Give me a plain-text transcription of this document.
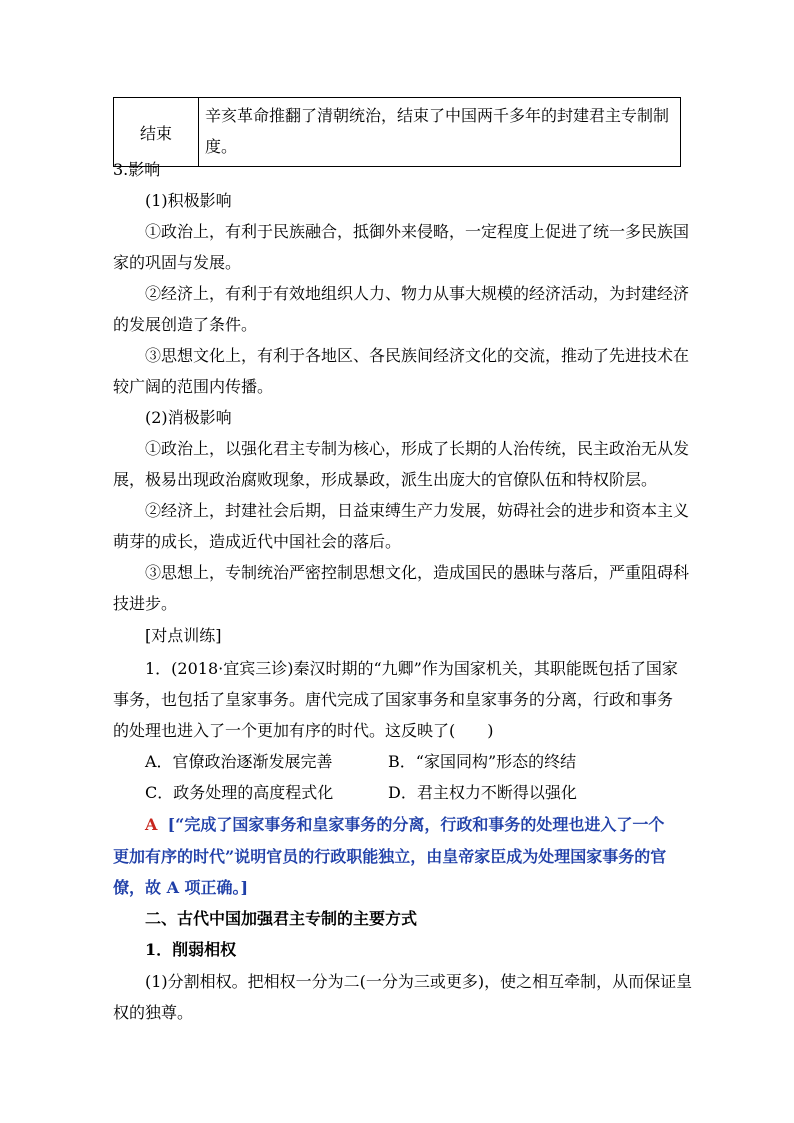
结束	辛亥革命推翻了清朝统治，结束了中国两千多年的封建君主专制制度。
3.影响
(1)积极影响
①政治上，有利于民族融合，抵御外来侵略，一定程度上促进了统一多民族国
家的巩固与发展。
②经济上，有利于有效地组织人力、物力从事大规模的经济活动，为封建经济
的发展创造了条件。
③思想文化上，有利于各地区、各民族间经济文化的交流，推动了先进技术在
较广阔的范围内传播。
(2)消极影响
①政治上，以强化君主专制为核心，形成了长期的人治传统，民主政治无从发
展，极易出现政治腐败现象，形成暴政，派生出庞大的官僚队伍和特权阶层。
②经济上，封建社会后期，日益束缚生产力发展，妨碍社会的进步和资本主义
萌芽的成长，造成近代中国社会的落后。
③思想上，专制统治严密控制思想文化，造成国民的愚昧与落后，严重阻碍科
技进步。
[对点训练]
1．(2018·宜宾三诊)秦汉时期的“九卿”作为国家机关，其职能既包括了国家
事务，也包括了皇家事务。唐代完成了国家事务和皇家事务的分离，行政和事务
的处理也进入了一个更加有序的时代。这反映了(　　)
A．官僚政治逐渐发展完善	B．“家国同构”形态的终结
C．政务处理的高度程式化	D．君主权力不断得以强化
A [“完成了国家事务和皇家事务的分离，行政和事务的处理也进入了一个
更加有序的时代”说明官员的行政职能独立，由皇帝家臣成为处理国家事务的官
僚，故 A 项正确。]
二、古代中国加强君主专制的主要方式
1．削弱相权
(1)分割相权。把相权一分为二(一分为三或更多)，使之相互牵制，从而保证皇
权的独尊。
